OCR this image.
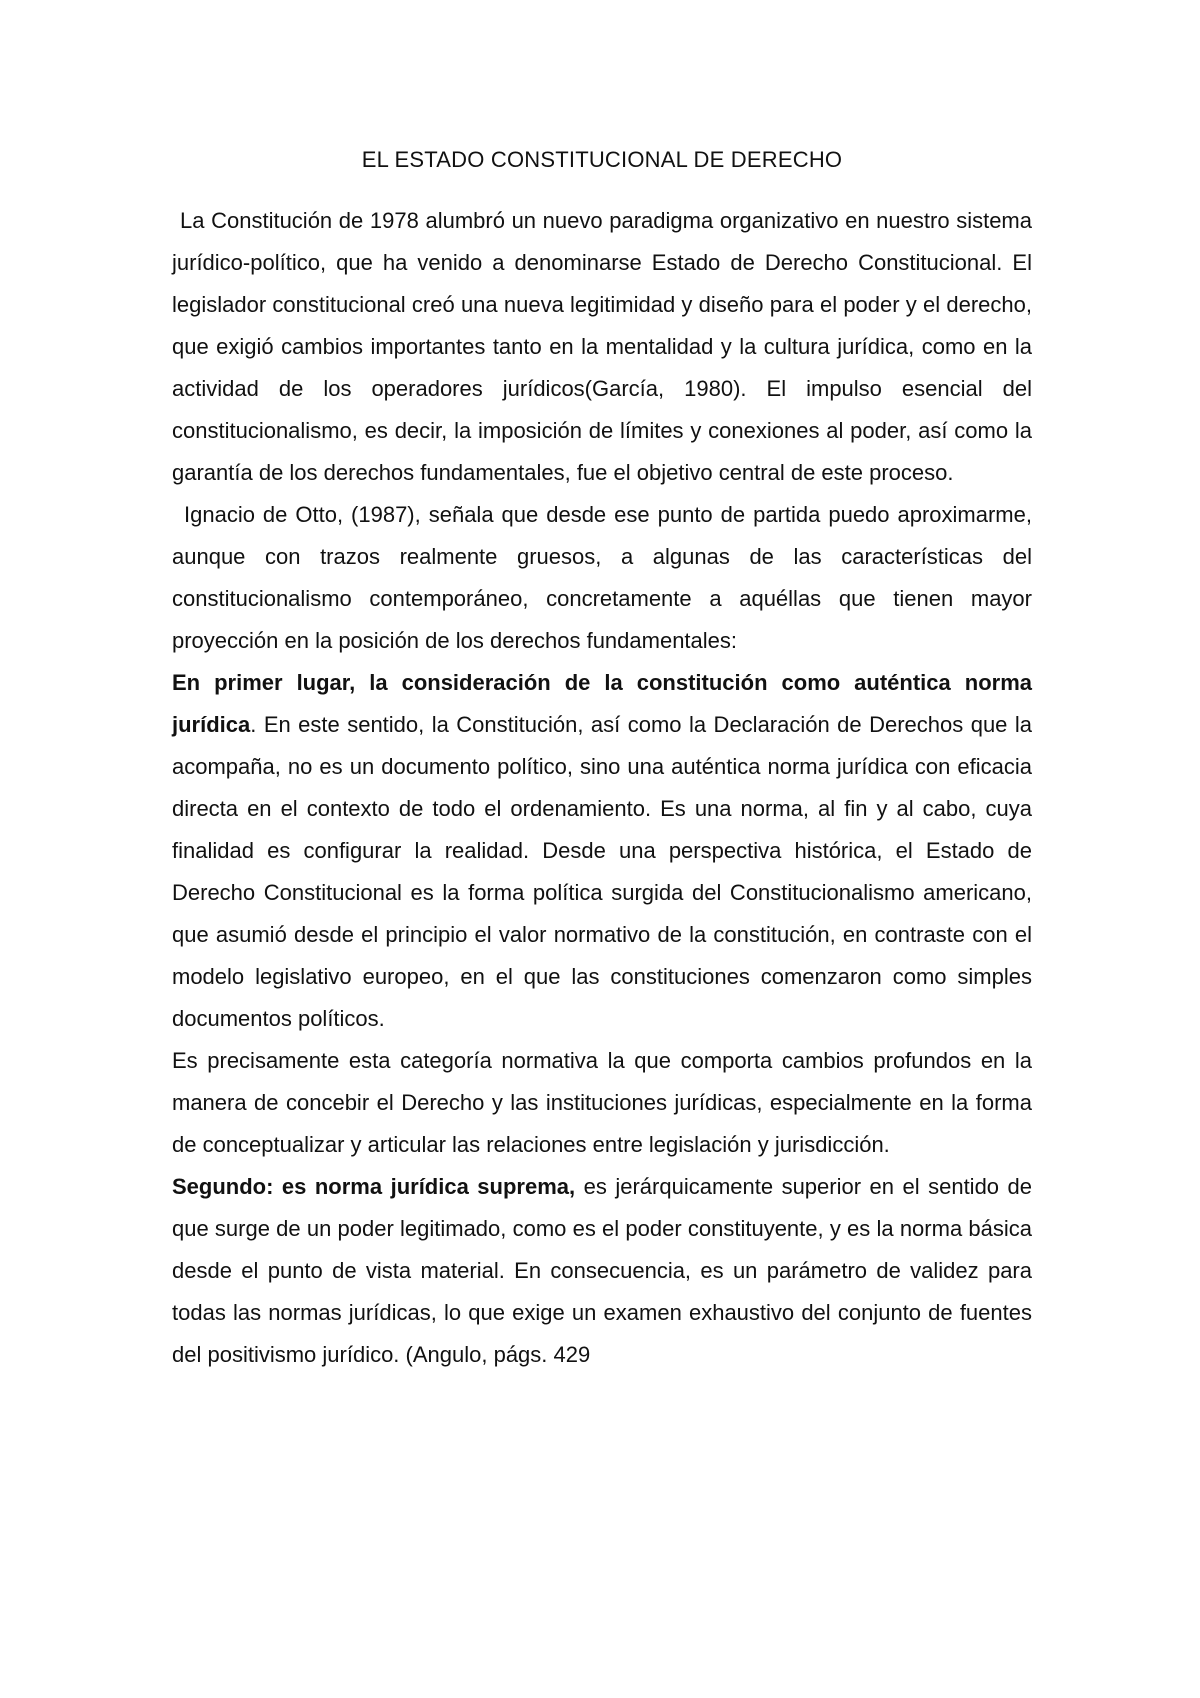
EL ESTADO CONSTITUCIONAL DE DERECHO

La Constitución de 1978 alumbró un nuevo paradigma organizativo en nuestro sistema jurídico-político, que ha venido a denominarse Estado de Derecho Constitucional. El legislador constitucional creó una nueva legitimidad y diseño para el poder y el derecho, que exigió cambios importantes tanto en la mentalidad y la cultura jurídica, como en la actividad de los operadores jurídicos(García, 1980). El impulso esencial del constitucionalismo, es decir, la imposición de límites y conexiones al poder, así como la garantía de los derechos fundamentales, fue el objetivo central de este proceso.

Ignacio de Otto, (1987), señala que desde ese punto de partida puedo aproximarme, aunque con trazos realmente gruesos, a algunas de las características del constitucionalismo contemporáneo, concretamente a aquéllas que tienen mayor proyección en la posición de los derechos fundamentales:

En primer lugar, la consideración de la constitución como auténtica norma jurídica. En este sentido, la Constitución, así como la Declaración de Derechos que la acompaña, no es un documento político, sino una auténtica norma jurídica con eficacia directa en el contexto de todo el ordenamiento. Es una norma, al fin y al cabo, cuya finalidad es configurar la realidad. Desde una perspectiva histórica, el Estado de Derecho Constitucional es la forma política surgida del Constitucionalismo americano, que asumió desde el principio el valor normativo de la constitución, en contraste con el modelo legislativo europeo, en el que las constituciones comenzaron como simples documentos políticos.

Es precisamente esta categoría normativa la que comporta cambios profundos en la manera de concebir el Derecho y las instituciones jurídicas, especialmente en la forma de conceptualizar y articular las relaciones entre legislación y jurisdicción.

Segundo: es norma jurídica suprema, es jerárquicamente superior en el sentido de que surge de un poder legitimado, como es el poder constituyente, y es la norma básica desde el punto de vista material. En consecuencia, es un parámetro de validez para todas las normas jurídicas, lo que exige un examen exhaustivo del conjunto de fuentes del positivismo jurídico. (Angulo, págs. 429
